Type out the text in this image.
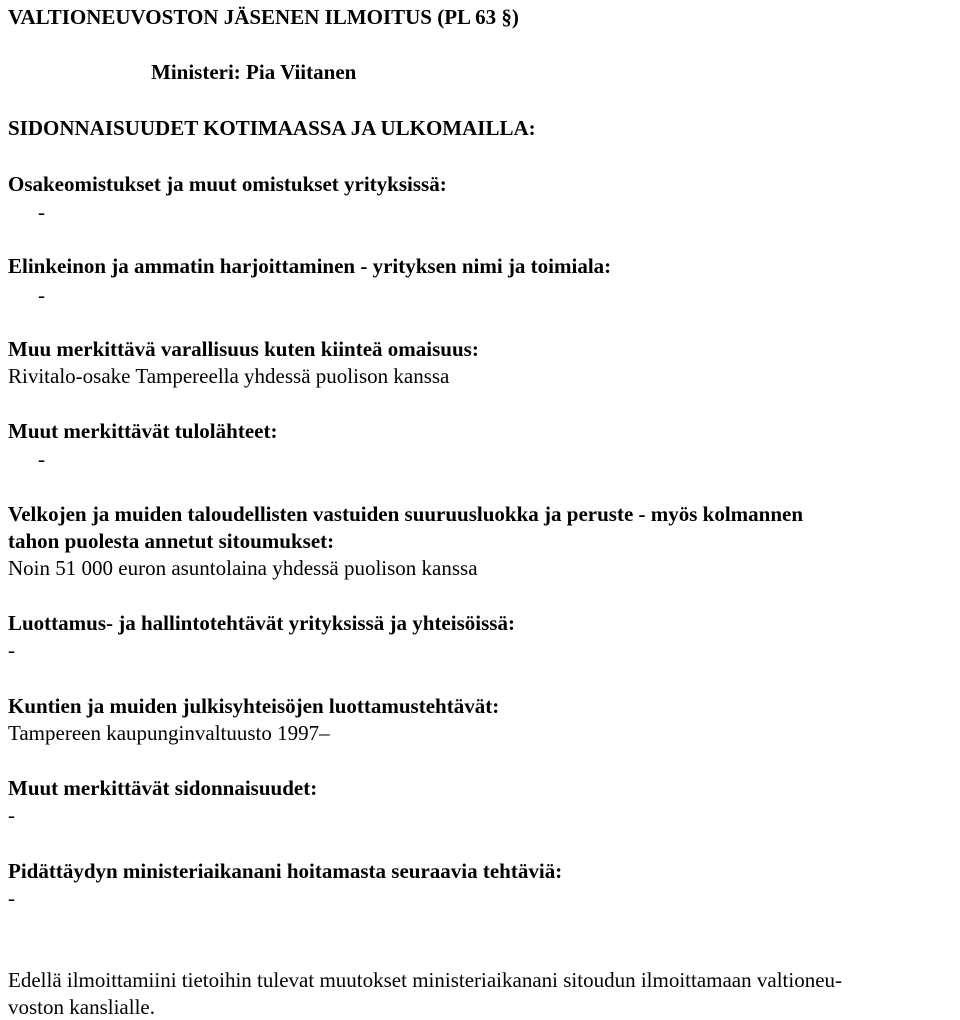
VALTIONEUVOSTON JÄSENEN ILMOITUS (PL 63 §)
Ministeri: Pia Viitanen
SIDONNAISUUDET KOTIMAASSA JA ULKOMAILLA:
Osakeomistukset ja muut omistukset yrityksissä:
-
Elinkeinon ja ammatin harjoittaminen - yrityksen nimi ja toimiala:
-
Muu merkittävä varallisuus kuten kiinteä omaisuus:
Rivitalo-osake Tampereella yhdessä puolison kanssa
Muut merkittävät tulolähteet:
-
Velkojen ja muiden taloudellisten vastuiden suuruusluokka ja peruste - myös kolmannen
tahon puolesta annetut sitoumukset:
Noin 51 000 euron asuntolaina yhdessä puolison kanssa
Luottamus- ja hallintotehtävät yrityksissä ja yhteisöissä:
-
Kuntien ja muiden julkisyhteisöjen luottamustehtävät:
Tampereen kaupunginvaltuusto 1997–
Muut merkittävät sidonnaisuudet:
-
Pidättäydyn ministeriaikanani hoitamasta seuraavia tehtäviä:
-
Edellä ilmoittamiini tietoihin tulevat muutokset ministeriaikanani sitoudun ilmoittamaan valtioneu-
voston kanslialle.
